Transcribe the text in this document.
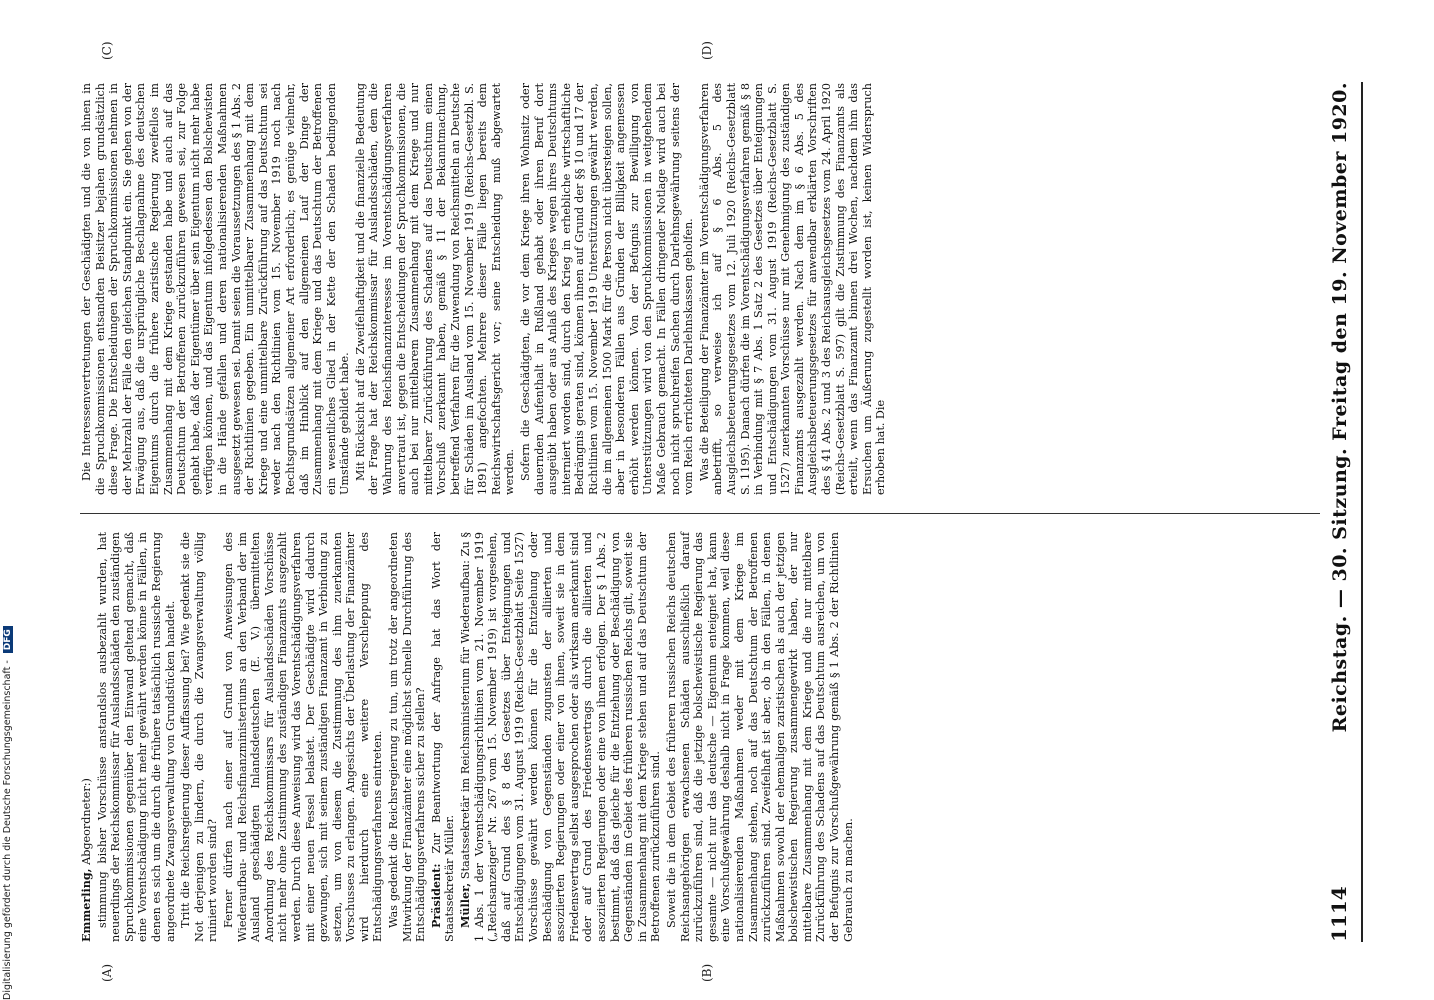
1114
Reichstag. — 30. Sitzung. Freitag den 19. November 1920.
(A)	(B)
(C)	(D)

Emmerling, Abgeordneter:) stimmung bisher Vorschüsse anstandslos ausbezahlt wurden, hat neuerdings der Reichskommissar für Auslandsschäden den zuständigen Spruchkommissionen gegenüber den Einwand geltend gemacht, daß eine Vorentschädigung nicht mehr gewährt werden könne in Fällen, in denen es sich um die durch die frühere tatsächlich russische Regierung angeordnete Zwangsverwaltung von Grundstücken handelt. Tritt die Reichsregierung dieser Auffassung bei? Wie gedenkt sie die Not derjenigen zu lindern, die durch die Zwangsverwaltung völlig ruiniert worden sind? Ferner dürfen nach einer auf Grund von Anweisungen des Wiederaufbau- und Reichsfinanzministeriums an den Verband der im Ausland geschädigten Inlandsdeutschen (E. V.) übermittelten Anordnung des Reichskommissars für Auslandsschäden Vorschüsse nicht mehr ohne Zustimmung des zuständigen Finanzamts ausgezahlt werden. Durch diese Anweisung wird das Vorentschädigungsverfahren mit einer neuen Fessel belastet. Der Geschädigte wird dadurch gezwungen, sich mit seinem zuständigen Finanzamt in Verbindung zu setzen, um von diesem die Zustimmung des ihm zuerkannten Vorschusses zu erlangen. Angesichts der Überlastung der Finanzämter wird hierdurch eine weitere Verschleppung des Entschädigungsverfahrens eintreten. Was gedenkt die Reichsregierung zu tun, um trotz der angeordneten Mitwirkung der Finanzämter eine möglichst schnelle Durchführung des Entschädigungsverfahrens sicher zu stellen? Präsident: Zur Beantwortung der Anfrage hat das Wort der Staatssekretär Müller. Müller, Staatssekretär im Reichsministerium für Wiederaufbau: Zu § 1 Abs. 1 der Vorentschädigungsrichtlinien vom 21. November 1919 („Reichsanzeiger" Nr. 267 vom 15. November 1919) ist vorgesehen, daß auf Grund des § 8 des Gesetzes über Enteignungen und Entschädigungen vom 31. August 1919 (Reichs-Gesetzblatt Seite 1527) Vorschüsse gewährt werden können für die Entziehung oder Beschädigung von Gegenständen zugunsten der alliierten und assoziierten Regierungen oder einer von ihnen, soweit sie in dem Friedensvertrag selbst ausgesprochen oder als wirksam anerkannt sind oder auf Grund des Friedensvertrags durch die alliierten und assoziierten Regierungen oder eine von ihnen erfolgen. Der § 1 Abs. 2 bestimmt, daß das gleiche für die Entziehung oder Beschädigung von Gegenständen im Gebiet des früheren russischen Reichs gilt, soweit sie in Zusammenhang mit dem Kriege stehen und auf das Deutschtum der Betroffenen zurückzuführen sind. Soweit die in dem Gebiet des früheren russischen Reichs deutschen Reichsangehörigen erwachsenen Schäden ausschließlich darauf zurückzuführen sind, daß die jetzige bolschewistische Regierung das gesamte — nicht nur das deutsche — Eigentum enteignet hat, kann eine Vorschußgewährung deshalb nicht in Frage kommen, weil diese nationalisierenden Maßnahmen weder mit dem Kriege im Zusammenhang stehen, noch auf das Deutschtum der Betroffenen zurückzuführen sind. Zweifelhaft ist aber, ob in den Fällen, in denen Maßnahmen sowohl der ehemaligen zaristischen als auch der jetzigen bolschewistischen Regierung zusammengewirkt haben, der nur mittelbare Zusammenhang mit dem Kriege und die nur mittelbare Zurückführung des Schadens auf das Deutschtum ausreichen, um von der Befugnis zur Vorschußgewährung gemäß § 1 Abs. 2 der Richtlinien Gebrauch zu machen.

Die Interessenvertretungen der Geschädigten und die von ihnen in die Spruchkommissionen entsandten Beisitzer bejahen grundsätzlich diese Frage. Die Entscheidungen der Spruchkommissionen nehmen in der Mehrzahl der Fälle den gleichen Standpunkt ein. Sie gehen von der Erwägung aus, daß die ursprüngliche Beschlagnahme des deutschen Eigentums durch die frühere zaristische Regierung zweifellos im Zusammenhang mit dem Kriege gestanden habe und auch auf das Deutschtum der Betroffenen zurückzuführen gewesen sei, zur Folge gehabt habe, daß der Eigentümer über sein Eigentum nicht mehr habe verfügen können, und das Eigentum infolgedessen den Bolschewisten in die Hände gefallen und deren nationalisierenden Maßnahmen ausgesetzt gewesen sei. Damit seien die Voraussetzungen des § 1 Abs. 2 der Richtlinien gegeben. Ein unmittelbarer Zusammenhang mit dem Kriege und eine unmittelbare Zurückführung auf das Deutschtum sei weder nach den Richtlinien vom 15. November 1919 noch nach Rechtsgrundsätzen allgemeiner Art erforderlich; es genüge vielmehr, daß im Hinblick auf den allgemeinen Lauf der Dinge der Zusammenhang mit dem Kriege und das Deutschtum der Betroffenen ein wesentliches Glied in der Kette der den Schaden bedingenden Umstände gebildet habe. Mit Rücksicht auf die Zweifelhaftigkeit und die finanzielle Bedeutung der Frage hat der Reichskommissar für Auslandsschäden, dem die Wahrung des Reichsfinanzinteresses im Vorentschädigungsverfahren anvertraut ist, gegen die Entscheidungen der Spruchkommissionen, die auch bei nur mittelbarem Zusammenhang mit dem Kriege und nur mittelbarer Zurückführung des Schadens auf das Deutschtum einen Vorschuß zuerkannt haben, gemäß § 11 der Bekanntmachung, betreffend Verfahren für die Zuwendung von Reichsmitteln an Deutsche für Schäden im Ausland vom 15. November 1919 (Reichs-Gesetzbl. S. 1891) angefochten. Mehrere dieser Fälle liegen bereits dem Reichswirtschaftsgericht vor; seine Entscheidung muß abgewartet werden. Sofern die Geschädigten, die vor dem Kriege ihren Wohnsitz oder dauernden Aufenthalt in Rußland gehabt oder ihren Beruf dort ausgeübt haben oder aus Anlaß des Krieges wegen ihres Deutschtums interniert worden sind, durch den Krieg in erhebliche wirtschaftliche Bedrängnis geraten sind, können ihnen auf Grund der §§ 10 und 17 der Richtlinien vom 15. November 1919 Unterstützungen gewährt werden, die im allgemeinen 1500 Mark für die Person nicht übersteigen sollen, aber in besonderen Fällen aus Gründen der Billigkeit angemessen erhöht werden können. Von der Befugnis zur Bewilligung von Unterstützungen wird von den Spruchkommissionen in weitgehendem Maße Gebrauch gemacht. In Fällen dringender Notlage wird auch bei noch nicht spruchreifen Sachen durch Darlehnsgewährung seitens der vom Reich errichteten Darlehnskassen geholfen. Was die Beteiligung der Finanzämter im Vorentschädigungsverfahren anbetrifft, so verweise ich auf § 6 Abs. 5 des Ausgleichsbeteuerungsgesetzes vom 12. Juli 1920 (Reichs-Gesetzblatt S. 1195). Danach dürfen die im Vorentschädigungsverfahren gemäß § 8 in Verbindung mit § 7 Abs. 1 Satz 2 des Gesetzes über Enteignungen und Entschädigungen vom 31. August 1919 (Reichs-Gesetzblatt S. 1527) zuerkannten Vorschüsse nur mit Genehmigung des zuständigen Finanzamts ausgezahlt werden. Nach dem im § 6 Abs. 5 des Ausgleichsbeteuerungsgesetzes für anwendbar erklärten Vorschriften des § 41 Abs. 2 und 3 des Reichsausgleichsgesetzes vom 24. April 1920 (Reichs-Gesetzblatt S. 597) gilt die Zustimmung des Finanzamts als erteilt, wenn das Finanzamt binnen drei Wochen, nachdem ihm das Ersuchen um Äußerung zugestellt worden ist, keinen Widerspruch erhoben hat. Die

Digitalisierung gefördert durch die Deutsche Forschungsgemeinschaft - DFG
